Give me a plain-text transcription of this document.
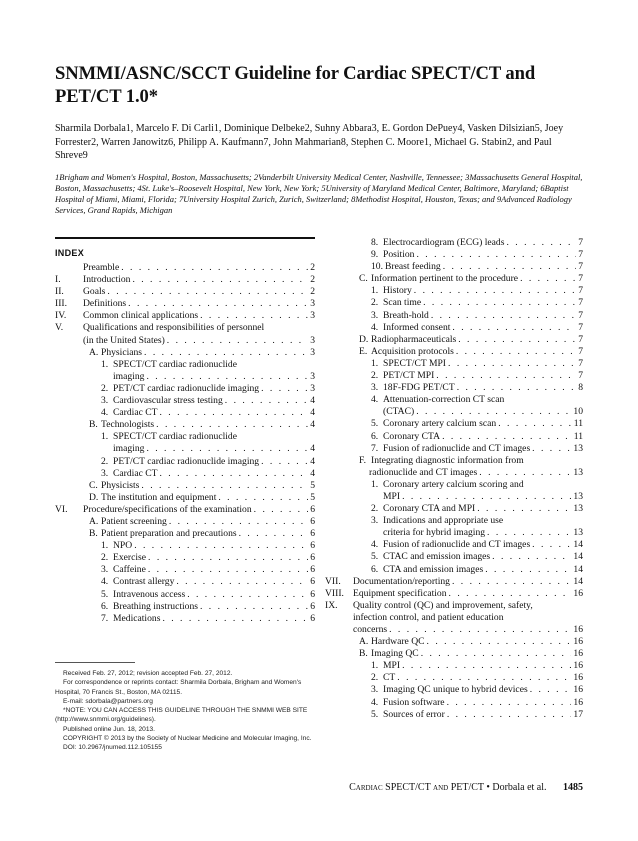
SNMMI/ASNC/SCCT Guideline for Cardiac SPECT/CT and PET/CT 1.0*
Sharmila Dorbala1, Marcelo F. Di Carli1, Dominique Delbeke2, Suhny Abbara3, E. Gordon DePuey4, Vasken Dilsizian5, Joey Forrester2, Warren Janowitz6, Philipp A. Kaufmann7, John Mahmarian8, Stephen C. Moore1, Michael G. Stabin2, and Paul Shreve9
1Brigham and Women's Hospital, Boston, Massachusetts; 2Vanderbilt University Medical Center, Nashville, Tennessee; 3Massachusetts General Hospital, Boston, Massachusetts; 4St. Luke's–Roosevelt Hospital, New York, New York; 5University of Maryland Medical Center, Baltimore, Maryland; 6Baptist Hospital of Miami, Miami, Florida; 7University Hospital Zurich, Zurich, Switzerland; 8Methodist Hospital, Houston, Texas; and 9Advanced Radiology Services, Grand Rapids, Michigan
INDEX
Preamble . . .	2
I.	Introduction . . .	2
II.	Goals . . .	2
III.	Definitions . . .	3
IV.	Common clinical applications . . .	3
V.	Qualifications and responsibilities of personnel
(in the United States) . . .	3
A. Physicians . . .	3
1. SPECT/CT cardiac radionuclide
imaging . . .	3
2. PET/CT cardiac radionuclide imaging . . .	3
3. Cardiovascular stress testing . . .	4
4. Cardiac CT . . .	4
B. Technologists . . .	4
1. SPECT/CT cardiac radionuclide
imaging . . .	4
2. PET/CT cardiac radionuclide imaging . . .	4
3. Cardiac CT . . .	4
C. Physicists . . .	5
D. The institution and equipment . . .	5
VI.	Procedure/specifications of the examination . . .	6
A. Patient screening . . .	6
B. Patient preparation and precautions . . .	6
1. NPO . . .	6
2. Exercise . . .	6
3. Caffeine . . .	6
4. Contrast allergy . . .	6
5. Intravenous access . . .	6
6. Breathing instructions . . .	6
7. Medications . . .	6
8. Electrocardiogram (ECG) leads . . .	7
9. Position . . .	7
10. Breast feeding . . .	7
C. Information pertinent to the procedure . . .	7
1. History . . .	7
2. Scan time . . .	7
3. Breath-hold . . .	7
4. Informed consent . . .	7
D. Radiopharmaceuticals . . .	7
E. Acquisition protocols . . .	7
1. SPECT/CT MPI . . .	7
2. PET/CT MPI . . .	7
3. 18F-FDG PET/CT . . .	8
4. Attenuation-correction CT scan
(CTAC) . . .	10
5. Coronary artery calcium scan . . .	11
6. Coronary CTA . . .	11
7. Fusion of radionuclide and CT images . . .	13
F. Integrating diagnostic information from
radionuclide and CT images . . .	13
1. Coronary artery calcium scoring and
MPI . . .	13
2. Coronary CTA and MPI . . .	13
3. Indications and appropriate use
criteria for hybrid imaging . . .	13
4. Fusion of radionuclide and CT images . . .	14
5. CTAC and emission images . . .	14
6. CTA and emission images . . .	14
VII.	Documentation/reporting . . .	14
VIII. Equipment specification . . .	16
IX.	Quality control (QC) and improvement, safety,
infection control, and patient education
concerns . . .	16
A. Hardware QC . . .	16
B. Imaging QC . . .	16
1. MPI . . .	16
2. CT . . .	16
3. Imaging QC unique to hybrid devices . . .	16
4. Fusion software . . .	16
5. Sources of error . . .	17

Received Feb. 27, 2012; revision accepted Feb. 27, 2012.

For correspondence or reprints contact: Sharmila Dorbala, Brigham and Women's Hospital, 70 Francis St., Boston, MA 02115.

E-mail: sdorbala@partners.org

*NOTE: YOU CAN ACCESS THIS GUIDELINE THROUGH THE SNMMI WEB SITE (http://www.snmmi.org/guidelines).

Published online Jun. 18, 2013.

COPYRIGHT © 2013 by the Society of Nuclear Medicine and Molecular Imaging, Inc.

DOI: 10.2967/jnumed.112.105155

Cardiac SPECT/CT and PET/CT • Dorbala et al. 1485
